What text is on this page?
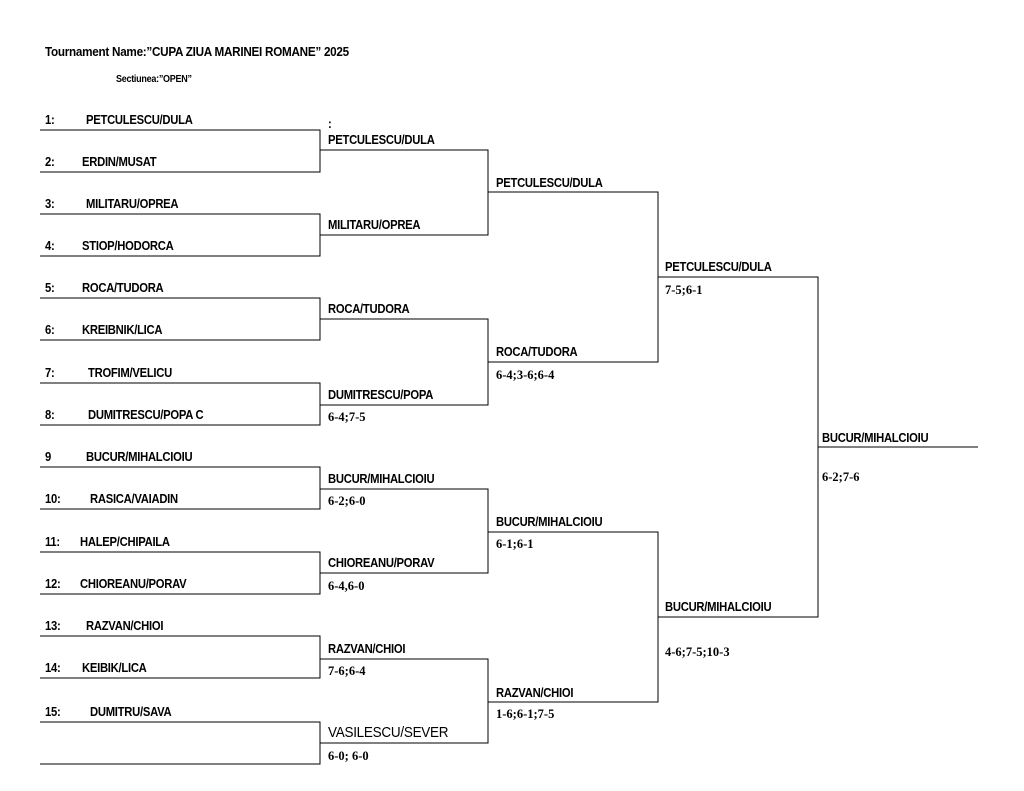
Tournament Name:”CUPA ZIUA MARINEI ROMANE” 2025
Sectiunea:”OPEN”
1:	PETCULESCU/DULA
2: ERDIN/MUSAT
3:	MILITARU/OPREA
4: STIOP/HODORCA
5: ROCA/TUDORA
6: KREIBNIK/LICA
7:	TROFIM/VELICU
8:	DUMITRESCU/POPA C
9	BUCUR/MIHALCIOIU
10: RASICA/VAIADIN
11: HALEP/CHIPAILA
12: CHIOREANU/PORAV
13: RAZVAN/CHIOI
14: KEIBIK/LICA
15: DUMITRU/SAVA
:
PETCULESCU/DULA
MILITARU/OPREA
ROCA/TUDORA
DUMITRESCU/POPA
6-4;7-5
BUCUR/MIHALCIOIU
6-2;6-0
CHIOREANU/PORAV
6-4,6-0
RAZVAN/CHIOI
7-6;6-4
VASILESCU/SEVER
6-0; 6-0
PETCULESCU/DULA
ROCA/TUDORA
6-4;3-6;6-4
BUCUR/MIHALCIOIU
6-1;6-1
RAZVAN/CHIOI
1-6;6-1;7-5
PETCULESCU/DULA
7-5;6-1
BUCUR/MIHALCIOIU
4-6;7-5;10-3
BUCUR/MIHALCIOIU
6-2;7-6
